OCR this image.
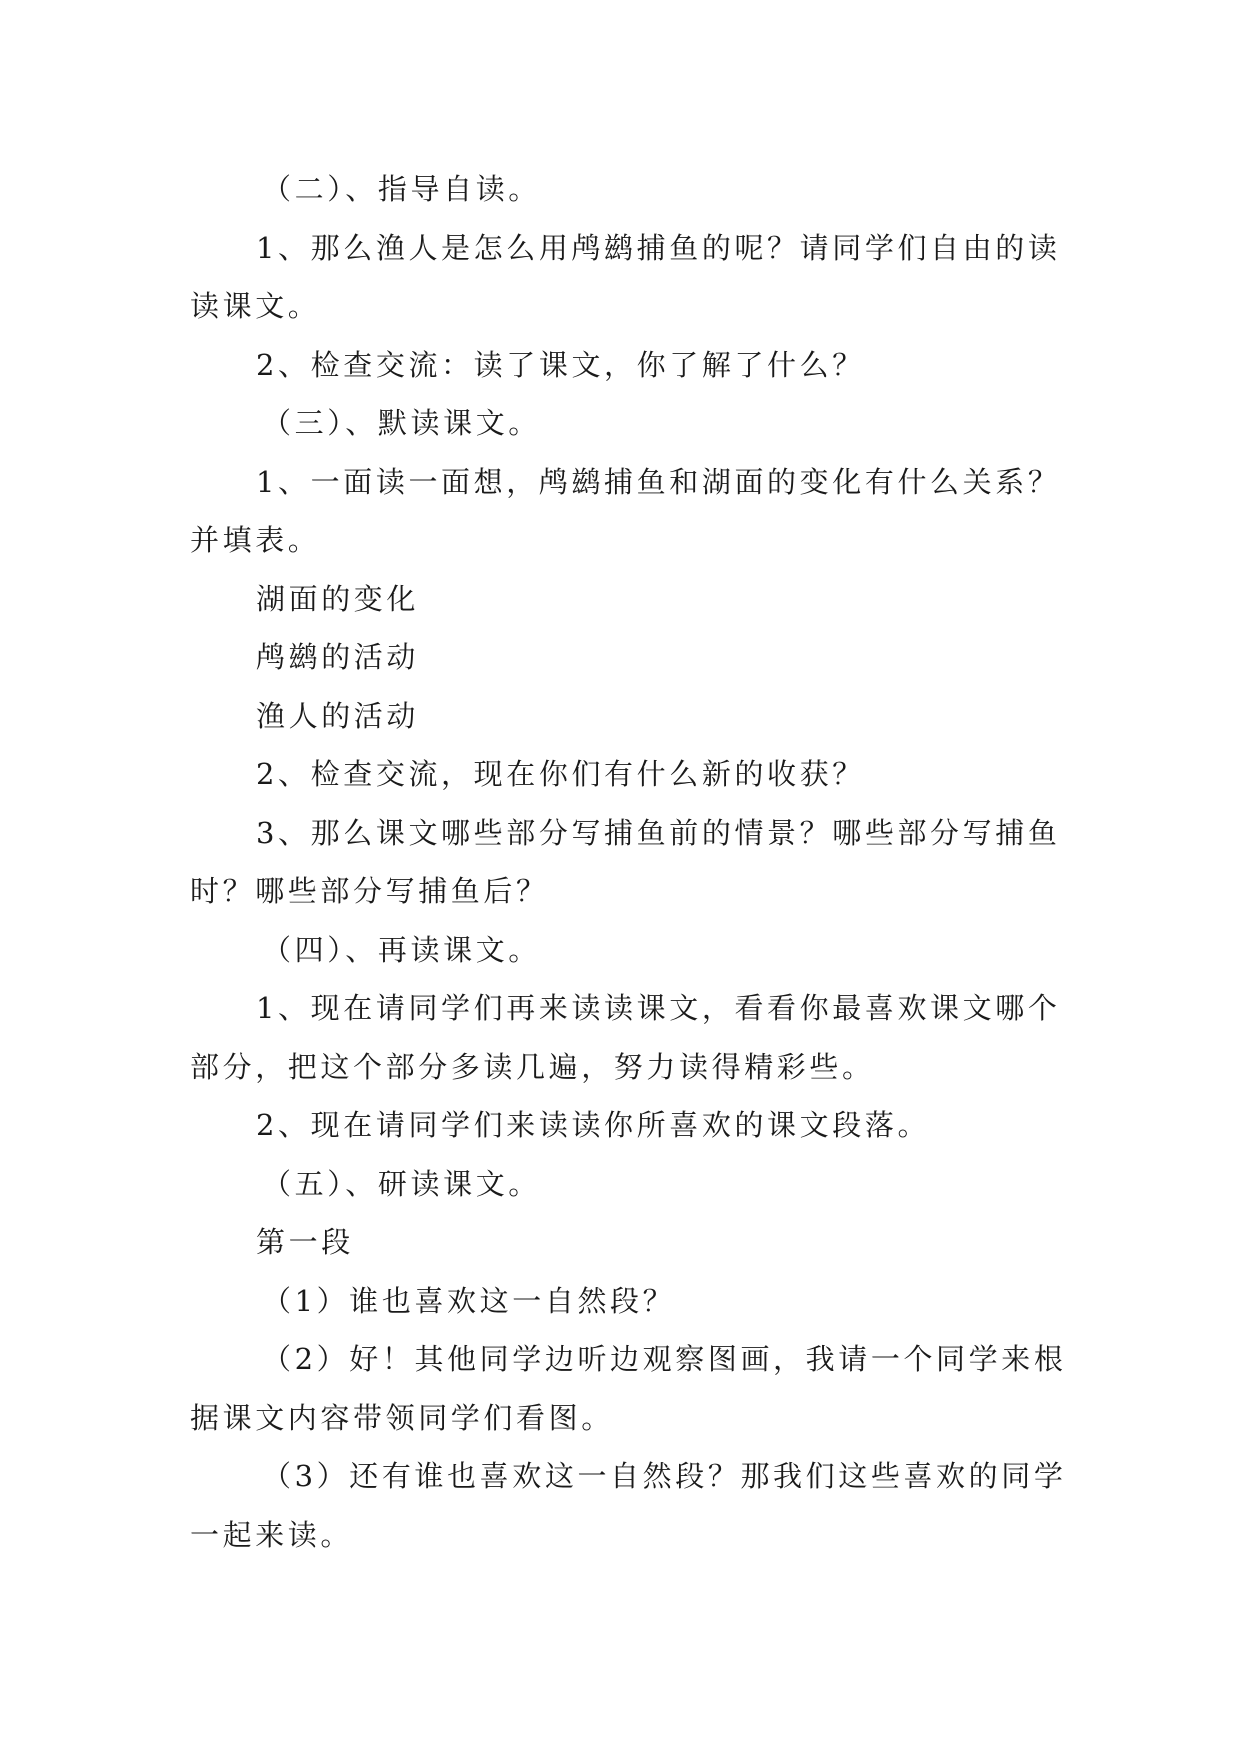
（二）、指导自读。

1、那么渔人是怎么用鸬鹚捕鱼的呢？请同学们自由的读读课文。

2、检查交流：读了课文，你了解了什么？

（三）、默读课文。

1、一面读一面想，鸬鹚捕鱼和湖面的变化有什么关系？并填表。

湖面的变化

鸬鹚的活动

渔人的活动

2、检查交流，现在你们有什么新的收获？

3、那么课文哪些部分写捕鱼前的情景？哪些部分写捕鱼时？哪些部分写捕鱼后？

（四）、再读课文。

1、现在请同学们再来读读课文，看看你最喜欢课文哪个部分，把这个部分多读几遍，努力读得精彩些。

2、现在请同学们来读读你所喜欢的课文段落。

（五）、研读课文。

第一段

（1）谁也喜欢这一自然段？

（2）好！其他同学边听边观察图画，我请一个同学来根据课文内容带领同学们看图。

（3）还有谁也喜欢这一自然段？那我们这些喜欢的同学一起来读。
